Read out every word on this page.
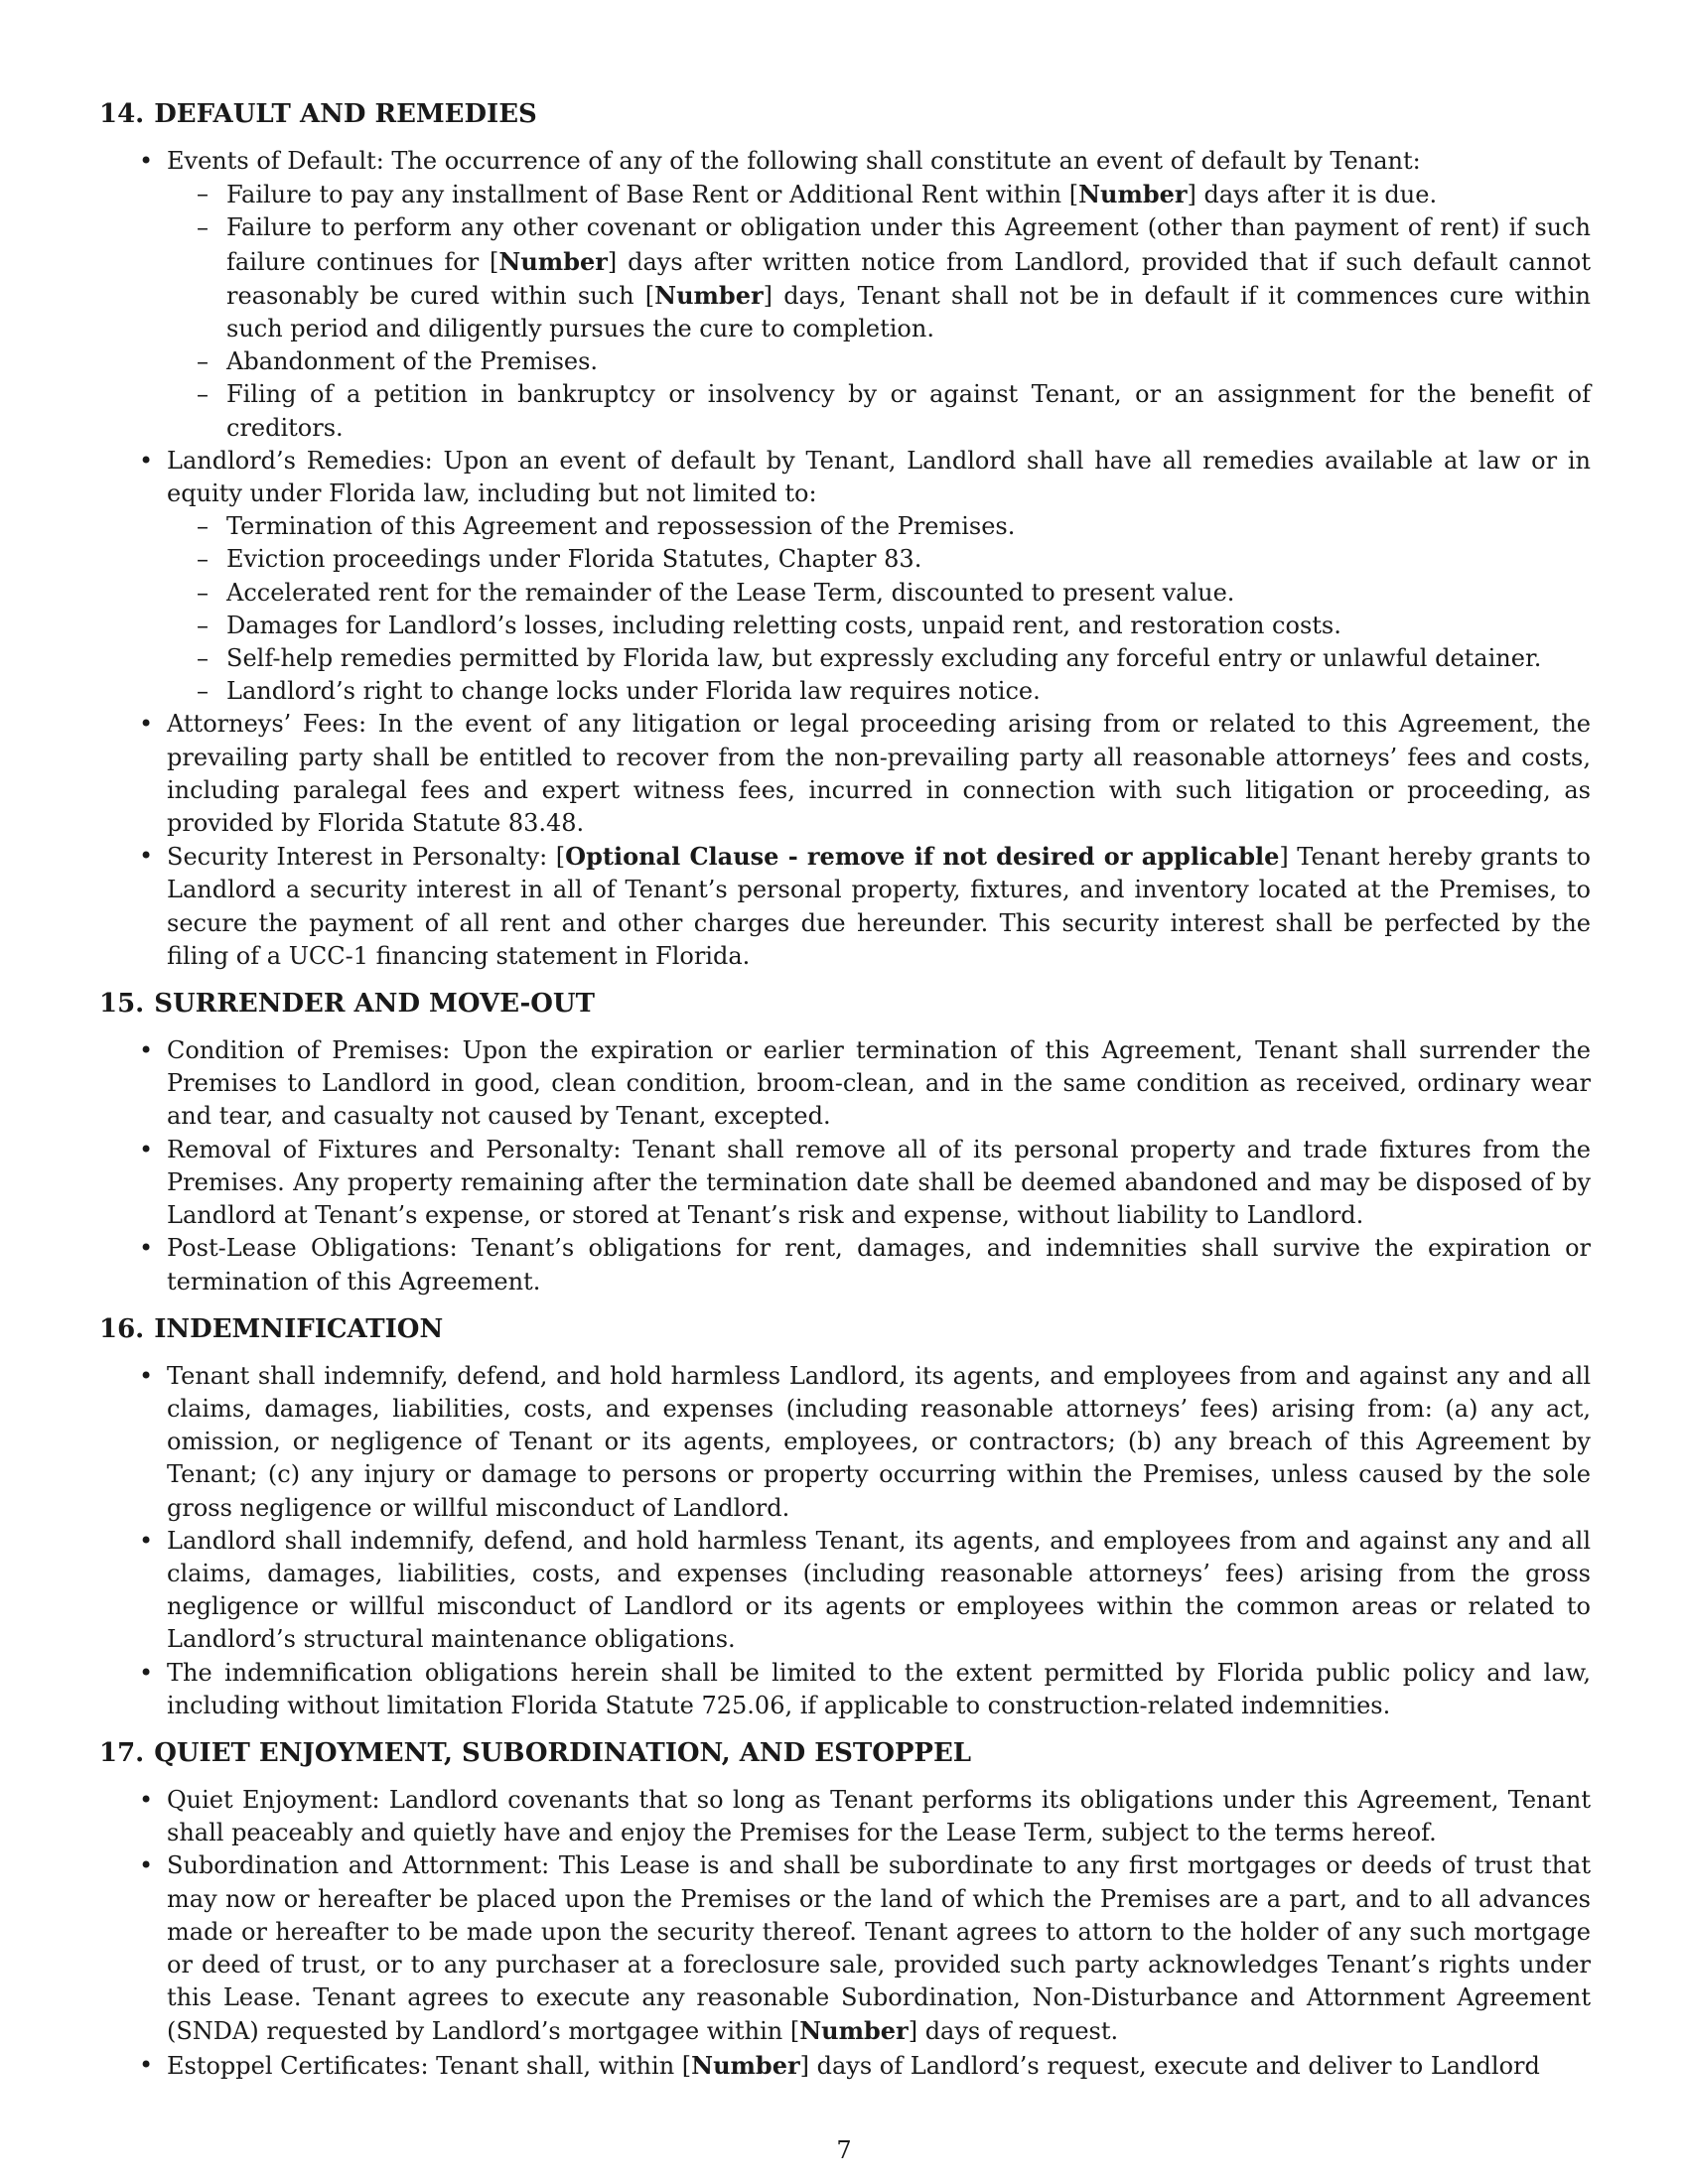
14. DEFAULT AND REMEDIES
• Events of Default: The occurrence of any of the following shall constitute an event of default by Tenant:
– Failure to pay any installment of Base Rent or Additional Rent within [Number] days after it is due.
– Failure to perform any other covenant or obligation under this Agreement (other than payment of rent) if such failure continues for [Number] days after written notice from Landlord, provided that if such default cannot reasonably be cured within such [Number] days, Tenant shall not be in default if it commences cure within such period and diligently pursues the cure to completion.
– Abandonment of the Premises.
– Filing of a petition in bankruptcy or insolvency by or against Tenant, or an assignment for the benefit of creditors.
• Landlord’s Remedies: Upon an event of default by Tenant, Landlord shall have all remedies available at law or in equity under Florida law, including but not limited to:
– Termination of this Agreement and repossession of the Premises.
– Eviction proceedings under Florida Statutes, Chapter 83.
– Accelerated rent for the remainder of the Lease Term, discounted to present value.
– Damages for Landlord’s losses, including reletting costs, unpaid rent, and restoration costs.
– Self-help remedies permitted by Florida law, but expressly excluding any forceful entry or unlawful detainer.
– Landlord’s right to change locks under Florida law requires notice.
• Attorneys’ Fees: In the event of any litigation or legal proceeding arising from or related to this Agreement, the prevailing party shall be entitled to recover from the non-prevailing party all reasonable attorneys’ fees and costs, including paralegal fees and expert witness fees, incurred in connection with such litigation or proceeding, as provided by Florida Statute 83.48.
• Security Interest in Personalty: [Optional Clause - remove if not desired or applicable] Tenant hereby grants to Landlord a security interest in all of Tenant’s personal property, fixtures, and inventory located at the Premises, to secure the payment of all rent and other charges due hereunder. This security interest shall be perfected by the filing of a UCC-1 financing statement in Florida.
15. SURRENDER AND MOVE-OUT
• Condition of Premises: Upon the expiration or earlier termination of this Agreement, Tenant shall surrender the Premises to Landlord in good, clean condition, broom-clean, and in the same condition as received, ordinary wear and tear, and casualty not caused by Tenant, excepted.
• Removal of Fixtures and Personalty: Tenant shall remove all of its personal property and trade fixtures from the Premises. Any property remaining after the termination date shall be deemed abandoned and may be disposed of by Landlord at Tenant’s expense, or stored at Tenant’s risk and expense, without liability to Landlord.
• Post-Lease Obligations: Tenant’s obligations for rent, damages, and indemnities shall survive the expiration or termination of this Agreement.
16. INDEMNIFICATION
• Tenant shall indemnify, defend, and hold harmless Landlord, its agents, and employees from and against any and all claims, damages, liabilities, costs, and expenses (including reasonable attorneys’ fees) arising from: (a) any act, omission, or negligence of Tenant or its agents, employees, or contractors; (b) any breach of this Agreement by Tenant; (c) any injury or damage to persons or property occurring within the Premises, unless caused by the sole gross negligence or willful misconduct of Landlord.
• Landlord shall indemnify, defend, and hold harmless Tenant, its agents, and employees from and against any and all claims, damages, liabilities, costs, and expenses (including reasonable attorneys’ fees) arising from the gross negligence or willful misconduct of Landlord or its agents or employees within the common areas or related to Landlord’s structural maintenance obligations.
• The indemnification obligations herein shall be limited to the extent permitted by Florida public policy and law, including without limitation Florida Statute 725.06, if applicable to construction-related indemnities.
17. QUIET ENJOYMENT, SUBORDINATION, AND ESTOPPEL
• Quiet Enjoyment: Landlord covenants that so long as Tenant performs its obligations under this Agreement, Tenant shall peaceably and quietly have and enjoy the Premises for the Lease Term, subject to the terms hereof.
• Subordination and Attornment: This Lease is and shall be subordinate to any first mortgages or deeds of trust that may now or hereafter be placed upon the Premises or the land of which the Premises are a part, and to all advances made or hereafter to be made upon the security thereof. Tenant agrees to attorn to the holder of any such mortgage or deed of trust, or to any purchaser at a foreclosure sale, provided such party acknowledges Tenant’s rights under this Lease. Tenant agrees to execute any reasonable Subordination, Non-Disturbance and Attornment Agreement (SNDA) requested by Landlord’s mortgagee within [Number] days of request.
• Estoppel Certificates: Tenant shall, within [Number] days of Landlord’s request, execute and deliver to Landlord
7
